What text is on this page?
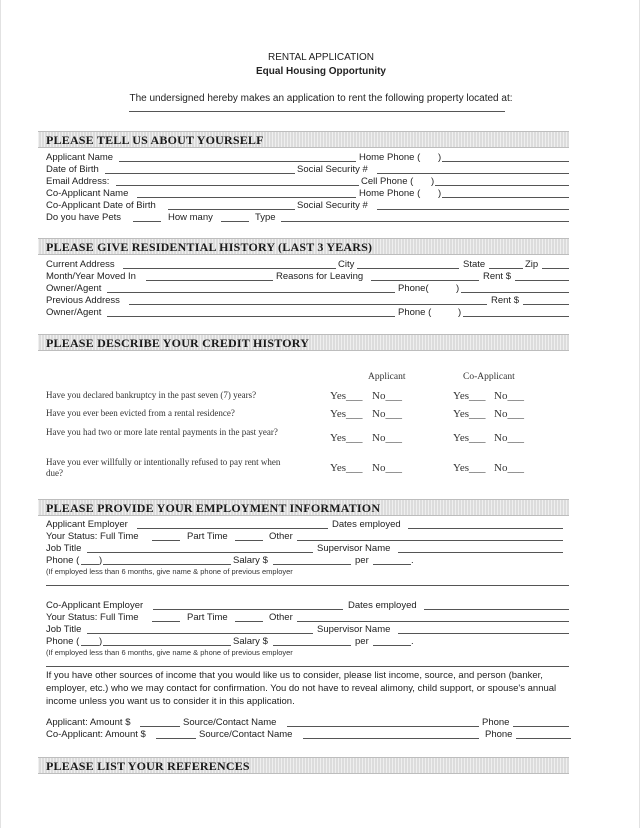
RENTAL APPLICATION
Equal Housing Opportunity
The undersigned hereby makes an application to rent the following property located at:
PLEASE TELL US ABOUT YOURSELF
Applicant Name	Home Phone ( )
Date of Birth	Social Security #
Email Address:	Cell Phone ( )
Co-Applicant Name	Home Phone ( )
Co-Applicant Date of Birth	Social Security #
Do you have Pets	How many	Type
PLEASE GIVE RESIDENTIAL HISTORY (LAST 3 YEARS)
Current Address	City	State	Zip
Month/Year Moved In	Reasons for Leaving	Rent $
Owner/Agent	Phone(	)
Previous Address	Rent $
Owner/Agent	Phone (	)
PLEASE DESCRIBE YOUR CREDIT HISTORY
Applicant	Co-Applicant
Have you declared bankruptcy in the past seven (7) years?	Yes___ No___	Yes___ No___
Have you ever been evicted from a rental residence?	Yes___ No___	Yes___ No___
Have you had two or more late rental payments in the past year?	Yes___ No___	Yes___ No___
Have you ever willfully or intentionally refused to pay rent when due?	Yes___ No___	Yes___ No___
PLEASE PROVIDE YOUR EMPLOYMENT INFORMATION
Applicant Employer	Dates employed
Your Status: Full Time	Part Time	Other
Job Title	Supervisor Name
Phone ( )	Salary $	per	.
(If employed less than 6 months, give name & phone of previous employer
Co-Applicant Employer	Dates employed
Your Status: Full Time	Part Time	Other
Job Title	Supervisor Name
Phone ( )	Salary $	per	.
(If employed less than 6 months, give name & phone of previous employer
If you have other sources of income that you would like us to consider, please list income, source, and person (banker, employer, etc.) who we may contact for confirmation. You do not have to reveal alimony, child support, or spouse's annual income unless you want us to consider it in this application.
Applicant: Amount $	Source/Contact Name	Phone
Co-Applicant: Amount $	Source/Contact Name	Phone
PLEASE LIST YOUR REFERENCES
